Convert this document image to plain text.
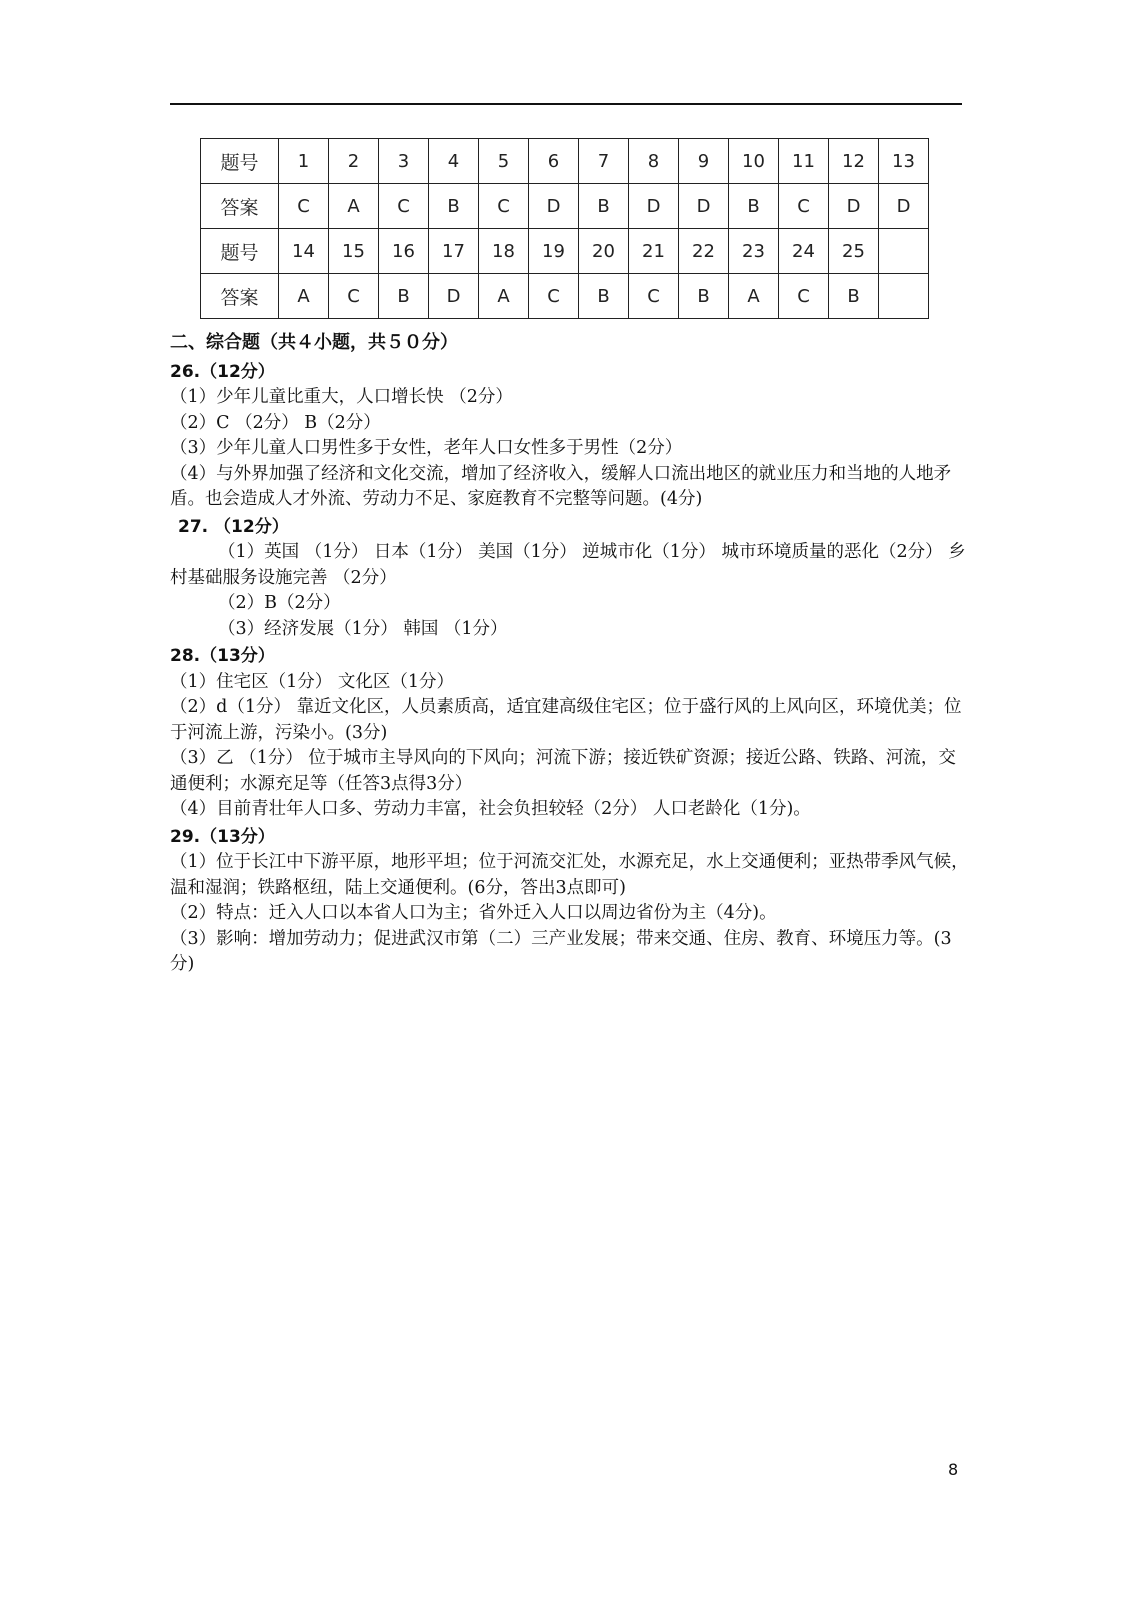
题号	1	2	3	4	5	6	7	8	9	10	11	12	13
答案	C	A	C	B	C	D	B	D	D	B	C	D	D
题号	14	15	16	17	18	19	20	21	22	23	24	25	
答案	A	C	B	D	A	C	B	C	B	A	C	B	
二、综合题（共４小题，共５０分）
26.（12分）
（1）少年儿童比重大，人口增长快 （2分）
（2）C （2分） B（2分）
（3）少年儿童人口男性多于女性，老年人口女性多于男性（2分）
（4）与外界加强了经济和文化交流，增加了经济收入，缓解人口流出地区的就业压力和当地的人地矛盾。也会造成人才外流、劳动力不足、家庭教育不完整等问题。(4分)
27. （12分）
（1）英国 （1分） 日本（1分） 美国（1分） 逆城市化（1分） 城市环境质量的恶化（2分） 乡村基础服务设施完善 （2分）
（2）B（2分）
（3）经济发展（1分） 韩国 （1分）
28.（13分）
（1）住宅区（1分） 文化区（1分）
（2）d（1分） 靠近文化区，人员素质高，适宜建高级住宅区；位于盛行风的上风向区，环境优美；位于河流上游，污染小。(3分)
（3）乙 （1分） 位于城市主导风向的下风向；河流下游；接近铁矿资源；接近公路、铁路、河流，交通便利；水源充足等（任答3点得3分）
（4）目前青壮年人口多、劳动力丰富，社会负担较轻（2分） 人口老龄化（1分)。
29.（13分）
（1）位于长江中下游平原，地形平坦；位于河流交汇处，水源充足，水上交通便利；亚热带季风气候，温和湿润；铁路枢纽，陆上交通便利。(6分，答出3点即可)
（2）特点：迁入人口以本省人口为主；省外迁入人口以周边省份为主（4分)。
（3）影响：增加劳动力；促进武汉市第（二）三产业发展；带来交通、住房、教育、环境压力等。(3分)
8
